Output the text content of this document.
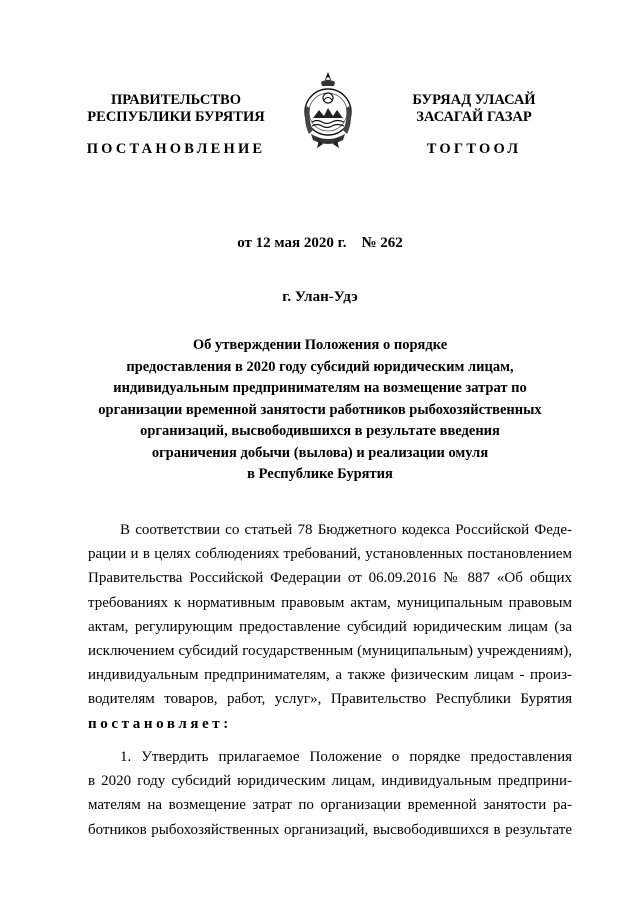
ПРАВИТЕЛЬСТВО
РЕСПУБЛИКИ БУРЯТИЯ
ПОСТАНОВЛЕНИЕ
БУРЯАД УЛАСАЙ
ЗАСАГАЙ ГАЗАР
ТОГТООЛ
от 12 мая 2020 г.    № 262
г. Улан-Удэ
Об утверждении Положения о порядке
предоставления в 2020 году субсидий юридическим лицам,
индивидуальным предпринимателям на возмещение затрат по
организации временной занятости работников рыбохозяйственных
организаций, высвободившихся в результате введения
ограничения добычи (вылова) и реализации омуля
в Республике Бурятия
В соответствии со статьей 78 Бюджетного кодекса Российской Феде-
рации и в целях соблюдениях требований, установленных постановлением
Правительства Российской Федерации от 06.09.2016 № 887 «Об общих
требованиях к нормативным правовым актам, муниципальным правовым
актам, регулирующим предоставление субсидий юридическим лицам (за
исключением субсидий государственным (муниципальным) учреждениям),
индивидуальным предпринимателям, а также физическим лицам - произ-
водителям товаров, работ, услуг», Правительство Республики Бурятия
постановляет:
1. Утвердить прилагаемое Положение о порядке предоставления
в 2020 году субсидий юридическим лицам, индивидуальным предприни-
мателям на возмещение затрат по организации временной занятости ра-
ботников рыбохозяйственных организаций, высвободившихся в результате
